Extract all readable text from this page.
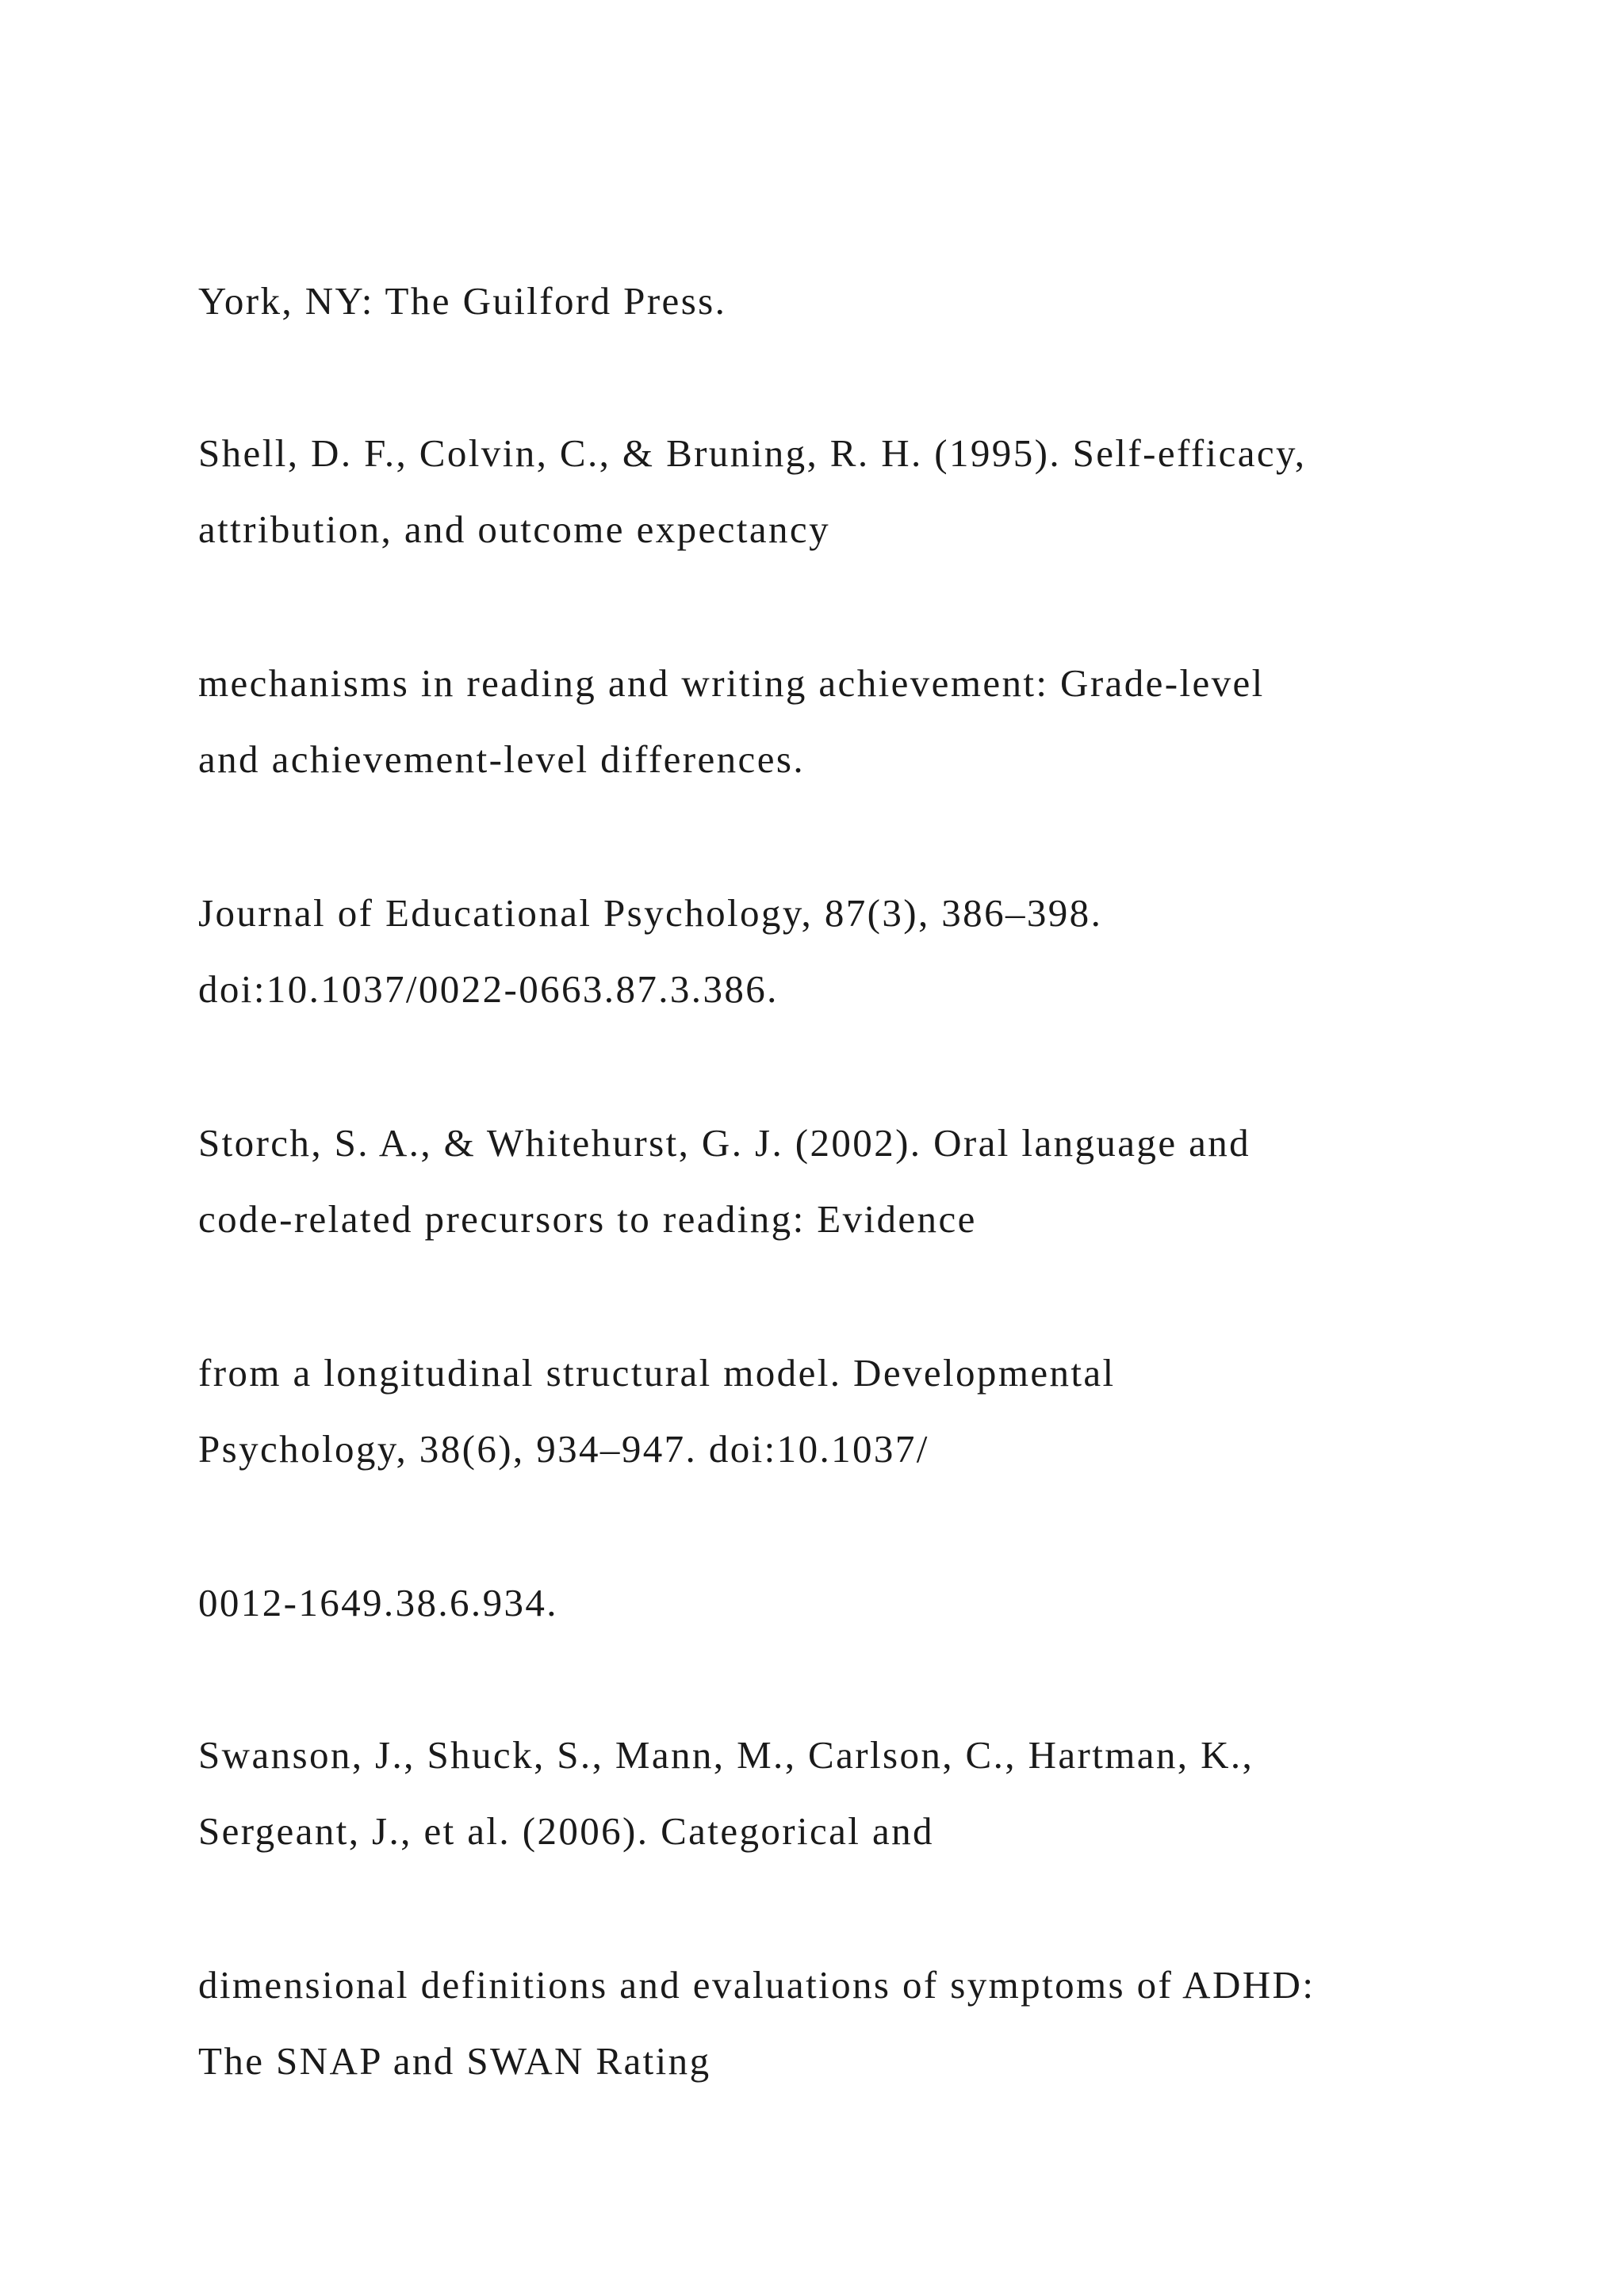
York, NY: The Guilford Press.

Shell, D. F., Colvin, C., & Bruning, R. H. (1995). Self-efficacy,

attribution, and outcome expectancy

mechanisms in reading and writing achievement: Grade-level

and achievement-level differences.

Journal of Educational Psychology, 87(3), 386–398.

doi:10.1037/0022-0663.87.3.386.

Storch, S. A., & Whitehurst, G. J. (2002). Oral language and

code-related precursors to reading: Evidence

from a longitudinal structural model. Developmental

Psychology, 38(6), 934–947. doi:10.1037/

0012-1649.38.6.934.

Swanson, J., Shuck, S., Mann, M., Carlson, C., Hartman, K.,

Sergeant, J., et al. (2006). Categorical and

dimensional definitions and evaluations of symptoms of ADHD:

The SNAP and SWAN Rating
